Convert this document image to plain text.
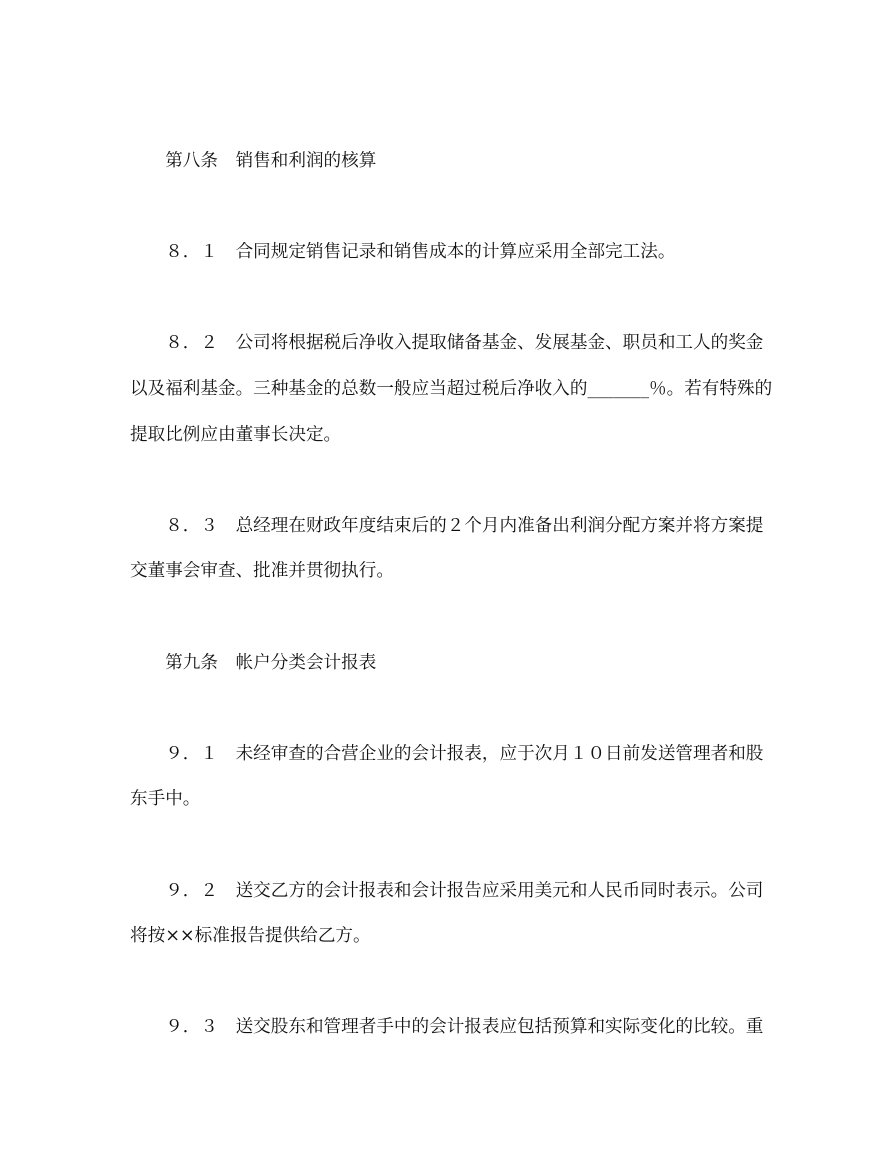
第八条　销售和利润的核算
８．１　合同规定销售记录和销售成本的计算应采用全部完工法。
８．２　公司将根据税后净收入提取储备基金、发展基金、职员和工人的奖金
以及福利基金。三种基金的总数一般应当超过税后净收入的_______％。若有特殊的
提取比例应由董事长决定。
８．３　总经理在财政年度结束后的２个月内准备出利润分配方案并将方案提
交董事会审查、批准并贯彻执行。
第九条　帐户分类会计报表
９．１　未经审查的合营企业的会计报表，应于次月１０日前发送管理者和股
东手中。
９．２　送交乙方的会计报表和会计报告应采用美元和人民币同时表示。公司
将按××标准报告提供给乙方。
９．３　送交股东和管理者手中的会计报表应包括预算和实际变化的比较。重
